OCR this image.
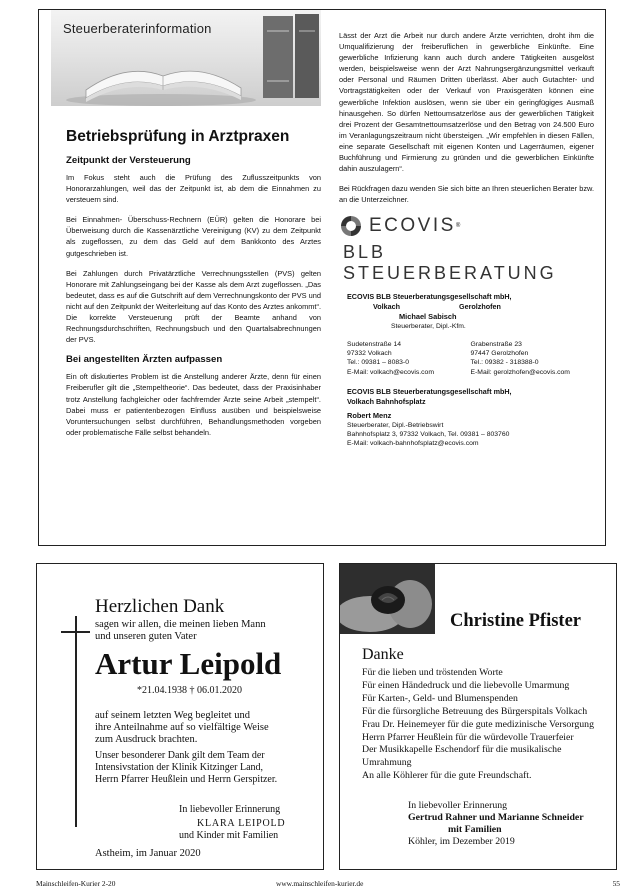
Steuerberaterinformation
Betriebsprüfung in Arztpraxen
Zeitpunkt der Versteuerung
Im Fokus steht auch die Prüfung des Zuflusszeitpunkts von Honorarzahlungen, weil das der Zeitpunkt ist, ab dem die Einnahmen zu versteuern sind.
Bei Einnahmen- Überschuss-Rechnern (EÜR) gelten die Honorare bei Überweisung durch die Kassenärztliche Vereinigung (KV) zu dem Zeitpunkt als zugeflossen, zu dem das Geld auf dem Bankkonto des Arztes gutgeschrieben ist.
Bei Zahlungen durch Privatärztliche Verrechnungsstellen (PVS) gelten Honorare mit Zahlungseingang bei der Kasse als dem Arzt zugeflossen. „Das bedeutet, dass es auf die Gutschrift auf dem Verrechnungskonto der PVS und nicht auf den Zeitpunkt der Weiterleitung auf das Konto des Arztes ankommt“. Die korrekte Versteuerung prüft der Beamte anhand von Rechnungsdurchschriften, Rechnungsbuch und den Quartalsabrechnungen der PVS.
Bei angestellten Ärzten aufpassen
Ein oft diskutiertes Problem ist die Anstellung anderer Ärzte, denn für einen Freiberufler gilt die „Stempeltheorie“. Das bedeutet, dass der Praxisinhaber trotz Anstellung fachgleicher oder fachfremder Ärzte seine Arbeit „stempelt“. Dabei muss er patientenbezogen Einfluss ausüben und beispielsweise Voruntersuchungen selbst durchführen, Behandlungsmethoden vorgeben oder problematische Fälle selbst behandeln.
Lässt der Arzt die Arbeit nur durch andere Ärzte verrichten, droht ihm die Umqualifizierung der freiberuflichen in gewerbliche Einkünfte. Eine gewerbliche Infizierung kann auch durch andere Tätigkeiten ausgelöst werden, beispielsweise wenn der Arzt Nahrungsergänzungsmittel verkauft oder Personal und Räumen Dritten überlässt. Aber auch Gutachter- und Vortragstätigkeiten oder der Verkauf von Praxisgeräten können eine gewerbliche Infektion auslösen, wenn sie über ein geringfügiges Ausmaß hinausgehen. So dürfen Nettoumsatzerlöse aus der gewerblichen Tätigkeit drei Prozent der Gesamtnettoumsatzerlöse und den Betrag von 24.500 Euro im Veranlagungszeitraum nicht übersteigen. „Wir empfehlen in diesen Fällen, eine separate Gesellschaft mit eigenen Konten und Lagerräumen, eigener Buchführung und Firmierung zu gründen und die gewerblichen Einkünfte dahin auszulagern“.
Bei Rückfragen dazu wenden Sie sich bitte an Ihren steuerlichen Berater bzw. an die Unterzeichner.
ECOVIS ®
BLB STEUERBERATUNG
ECOVIS BLB Steuerberatungsgesellschaft mbH,
Volkach	Gerolzhofen
Michael Sabisch
Steuerberater, Dipl.-Kfm.
Sudetenstraße 14
97332 Volkach
Tel.: 09381 – 8083-0
E-Mail: volkach@ecovis.com
Grabenstraße 23
97447 Gerolzhofen
Tel.: 09382 - 318388-0
E-Mail: gerolzhofen@ecovis.com
ECOVIS BLB Steuerberatungsgesellschaft mbH,
Volkach Bahnhofsplatz
Robert Menz
Steuerberater, Dipl.-Betriebswirt
Bahnhofsplatz 3, 97332 Volkach, Tel. 09381 – 803760
E-Mail: volkach-bahnhofsplatz@ecovis.com
Herzlichen Dank
sagen wir allen, die meinen lieben Mann
und unseren guten Vater
Artur Leipold
*21.04.1938 † 06.01.2020
auf seinem letzten Weg begleitet und
ihre Anteilnahme auf so vielfältige Weise
zum Ausdruck brachten.
Unser besonderer Dank gilt dem Team der
Intensivstation der Klinik Kitzinger Land,
Herrn Pfarrer Heußlein und Herrn Gerspitzer.
In liebevoller Erinnerung
KLARA LEIPOLD
und Kinder mit Familien
Astheim, im Januar 2020
Christine Pfister
Danke
Für die lieben und tröstenden Worte
Für einen Händedruck und die liebevolle Umarmung
Für Karten-, Geld- und Blumenspenden
Für die fürsorgliche Betreuung des Bürgerspitals Volkach
Frau Dr. Heinemeyer für die gute medizinische Versorgung
Herrn Pfarrer Heußlein für die würdevolle Trauerfeier
Der Musikkapelle Eschendorf für die musikalische
Umrahmung
An alle Köhlerer für die gute Freundschaft.
In liebevoller Erinnerung
Gertrud Rahner und Marianne Schneider
mit Familien
Köhler, im Dezember 2019
Mainschleifen-Kurier 2-20	www.mainschleifen-kurier.de	55
